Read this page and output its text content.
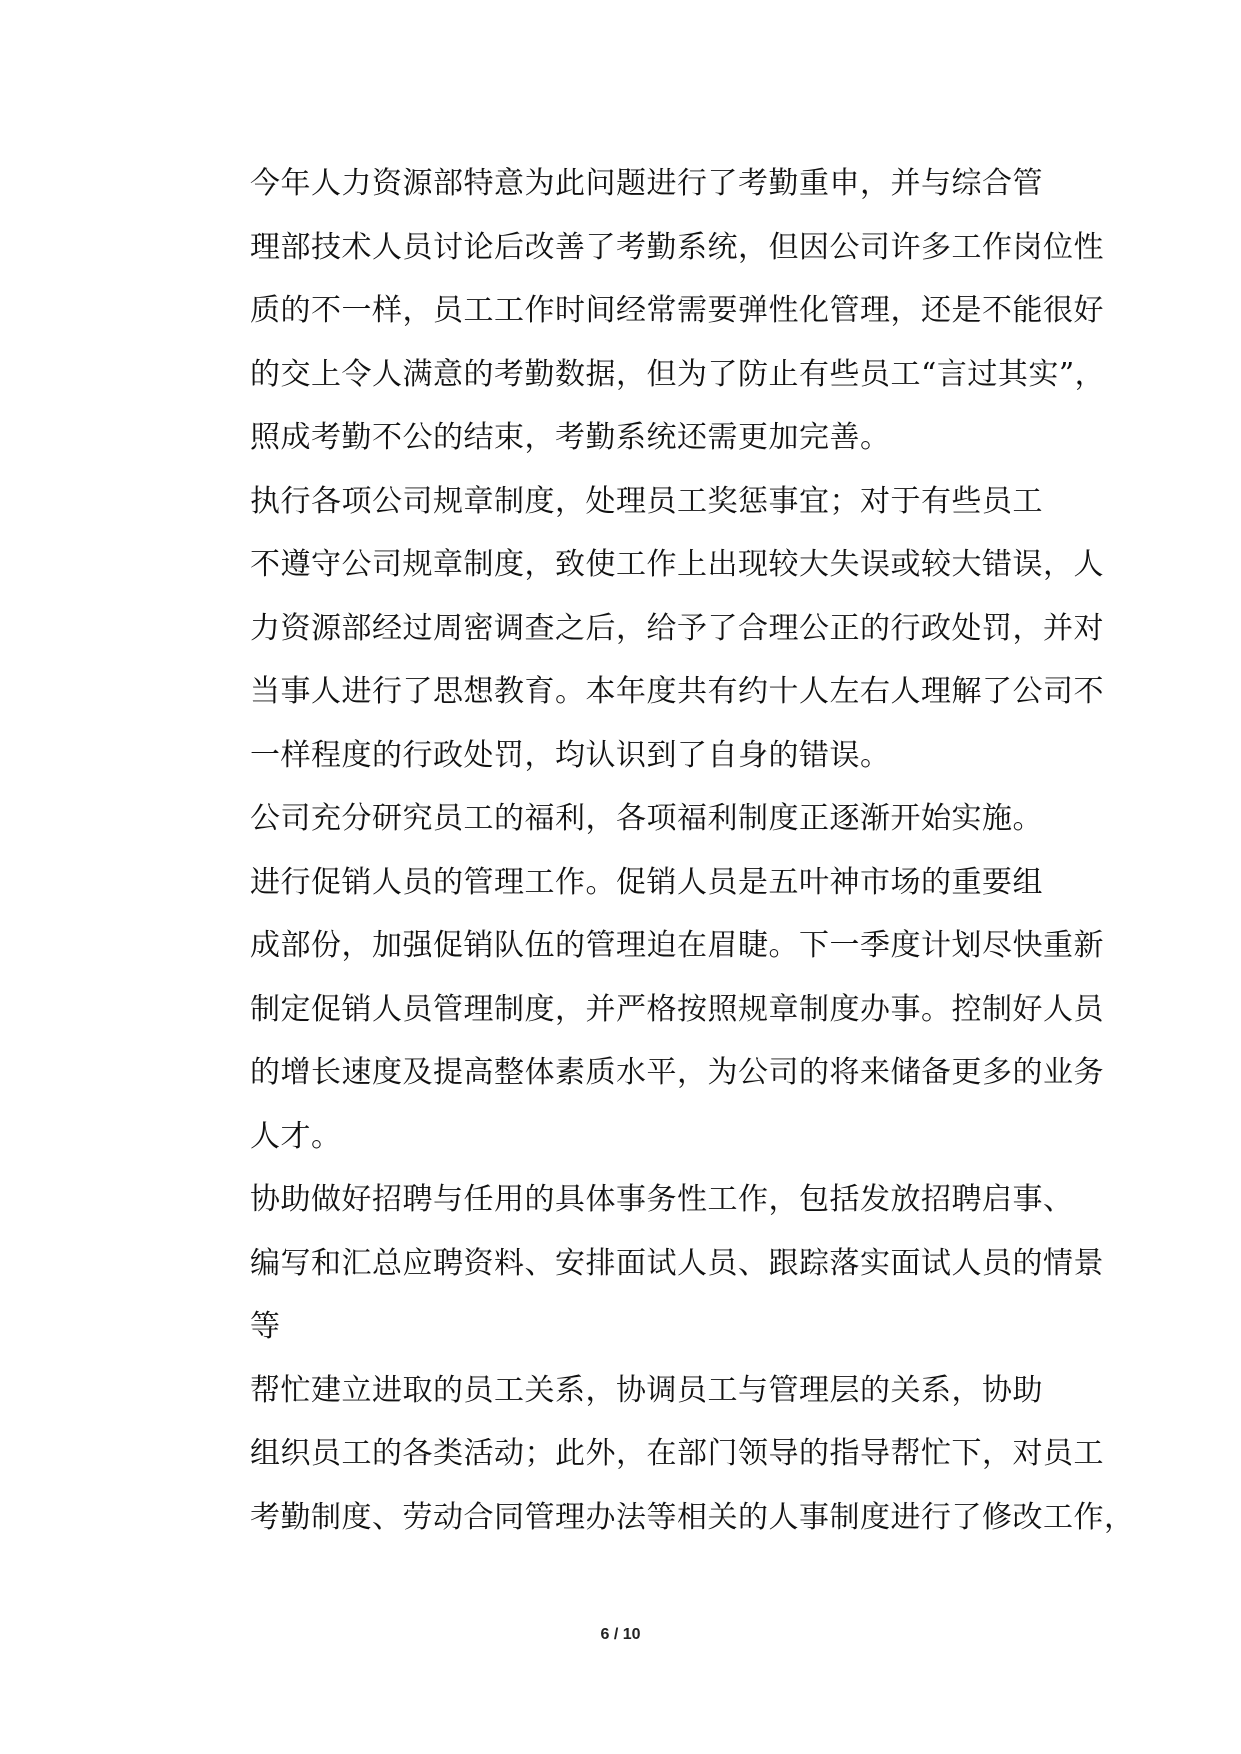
今年人力资源部特意为此问题进行了考勤重申，并与综合管
理部技术人员讨论后改善了考勤系统，但因公司许多工作岗位性
质的不一样，员工工作时间经常需要弹性化管理，还是不能很好
的交上令人满意的考勤数据，但为了防止有些员工“言过其实”，
照成考勤不公的结束，考勤系统还需更加完善。

执行各项公司规章制度，处理员工奖惩事宜；对于有些员工
不遵守公司规章制度，致使工作上出现较大失误或较大错误，人
力资源部经过周密调查之后，给予了合理公正的行政处罚，并对
当事人进行了思想教育。本年度共有约十人左右人理解了公司不
一样程度的行政处罚，均认识到了自身的错误。

公司充分研究员工的福利，各项福利制度正逐渐开始实施。

进行促销人员的管理工作。促销人员是五叶神市场的重要组
成部份，加强促销队伍的管理迫在眉睫。下一季度计划尽快重新
制定促销人员管理制度，并严格按照规章制度办事。控制好人员
的增长速度及提高整体素质水平，为公司的将来储备更多的业务
人才。

协助做好招聘与任用的具体事务性工作，包括发放招聘启事、
编写和汇总应聘资料、安排面试人员、跟踪落实面试人员的情景
等

帮忙建立进取的员工关系，协调员工与管理层的关系，协助
组织员工的各类活动；此外，在部门领导的指导帮忙下，对员工
考勤制度、劳动合同管理办法等相关的人事制度进行了修改工作，

6 / 10
